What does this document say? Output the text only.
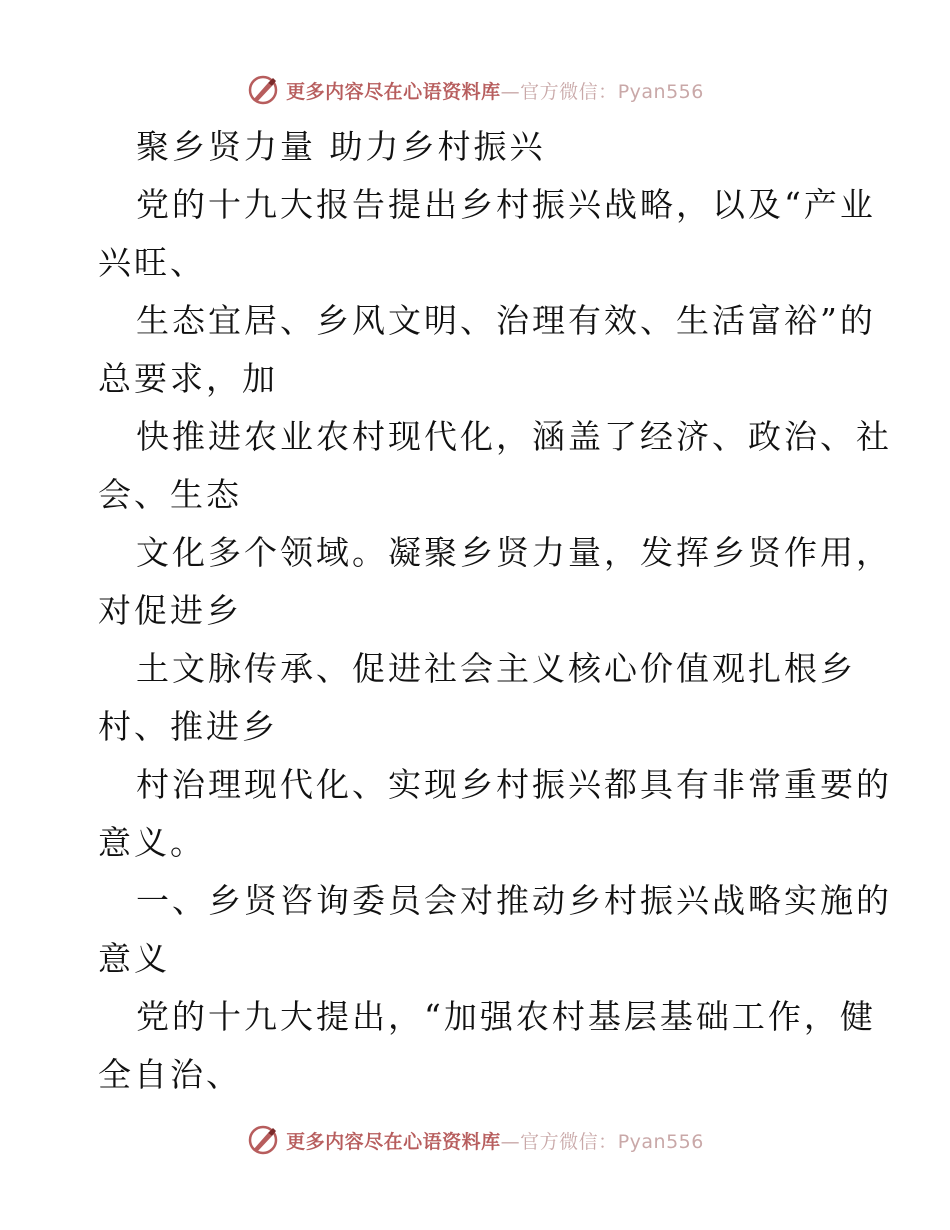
更多内容尽在心语资料库—官方微信：Pyan556
聚乡贤力量 助力乡村振兴
党的十九大报告提出乡村振兴战略，以及“产业
兴旺、
生态宜居、乡风文明、治理有效、生活富裕”的
总要求，加
快推进农业农村现代化，涵盖了经济、政治、社
会、生态
文化多个领域。凝聚乡贤力量，发挥乡贤作用，
对促进乡
土文脉传承、促进社会主义核心价值观扎根乡
村、推进乡
村治理现代化、实现乡村振兴都具有非常重要的
意义。
一、乡贤咨询委员会对推动乡村振兴战略实施的
意义
党的十九大提出，“加强农村基层基础工作，健
全自治、
更多内容尽在心语资料库—官方微信：Pyan556
